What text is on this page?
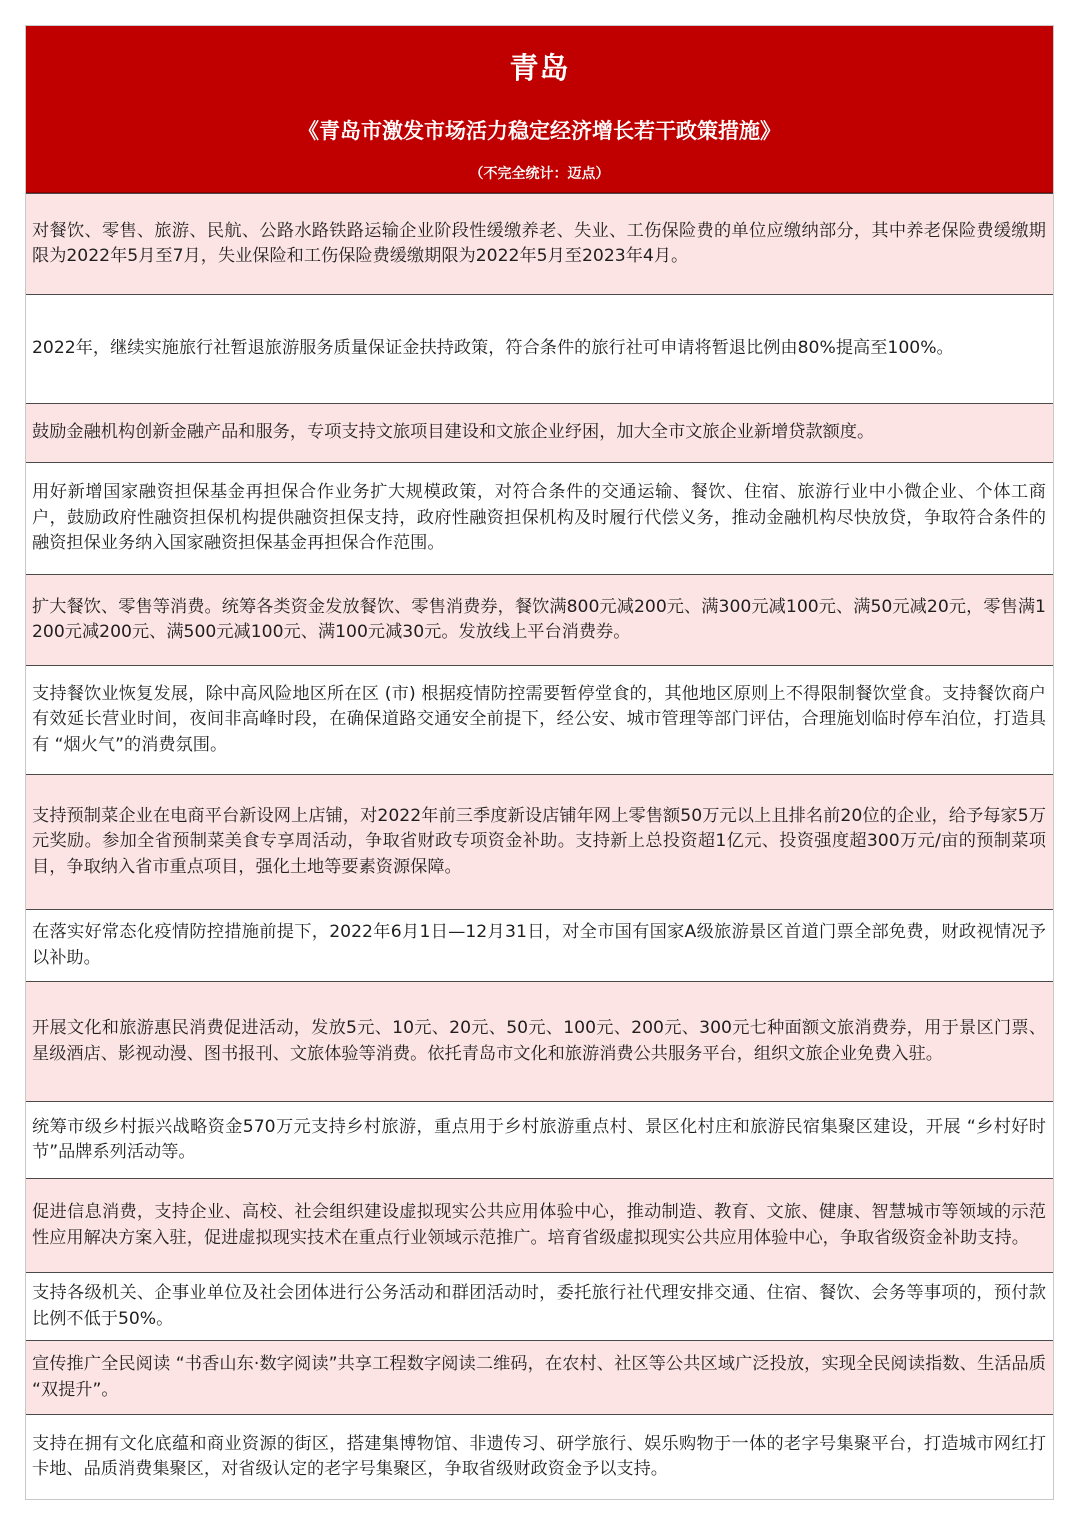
青岛
《青岛市激发市场活力稳定经济增长若干政策措施》
（不完全统计：迈点）
对餐饮、零售、旅游、民航、公路水路铁路运输企业阶段性缓缴养老、失业、工伤保险费的单位应缴纳部分，其中养老保险费缓缴期限为2022年5月至7月，失业保险和工伤保险费缓缴期限为2022年5月至2023年4月。
2022年，继续实施旅行社暂退旅游服务质量保证金扶持政策，符合条件的旅行社可申请将暂退比例由80%提高至100%。
鼓励金融机构创新金融产品和服务，专项支持文旅项目建设和文旅企业纾困，加大全市文旅企业新增贷款额度。
用好新增国家融资担保基金再担保合作业务扩大规模政策，对符合条件的交通运输、餐饮、住宿、旅游行业中小微企业、个体工商户，鼓励政府性融资担保机构提供融资担保支持，政府性融资担保机构及时履行代偿义务，推动金融机构尽快放贷，争取符合条件的融资担保业务纳入国家融资担保基金再担保合作范围。
扩大餐饮、零售等消费。统筹各类资金发放餐饮、零售消费券，餐饮满800元减200元、满300元减100元、满50元减20元，零售满1200元减200元、满500元减100元、满100元减30元。发放线上平台消费券。
支持餐饮业恢复发展，除中高风险地区所在区 (市) 根据疫情防控需要暂停堂食的，其他地区原则上不得限制餐饮堂食。支持餐饮商户有效延长营业时间，夜间非高峰时段，在确保道路交通安全前提下，经公安、城市管理等部门评估，合理施划临时停车泊位，打造具有 “烟火气”的消费氛围。
支持预制菜企业在电商平台新设网上店铺，对2022年前三季度新设店铺年网上零售额50万元以上且排名前20位的企业，给予每家5万元奖励。参加全省预制菜美食专享周活动，争取省财政专项资金补助。支持新上总投资超1亿元、投资强度超300万元/亩的预制菜项目，争取纳入省市重点项目，强化土地等要素资源保障。
在落实好常态化疫情防控措施前提下，2022年6月1日—12月31日，对全市国有国家A级旅游景区首道门票全部免费，财政视情况予以补助。
开展文化和旅游惠民消费促进活动，发放5元、10元、20元、50元、100元、200元、300元七种面额文旅消费券，用于景区门票、星级酒店、影视动漫、图书报刊、文旅体验等消费。依托青岛市文化和旅游消费公共服务平台，组织文旅企业免费入驻。
统筹市级乡村振兴战略资金570万元支持乡村旅游，重点用于乡村旅游重点村、景区化村庄和旅游民宿集聚区建设，开展 “乡村好时节”品牌系列活动等。
促进信息消费，支持企业、高校、社会组织建设虚拟现实公共应用体验中心，推动制造、教育、文旅、健康、智慧城市等领域的示范性应用解决方案入驻，促进虚拟现实技术在重点行业领域示范推广。培育省级虚拟现实公共应用体验中心，争取省级资金补助支持。
支持各级机关、企事业单位及社会团体进行公务活动和群团活动时，委托旅行社代理安排交通、住宿、餐饮、会务等事项的，预付款比例不低于50%。
宣传推广全民阅读 “书香山东·数字阅读”共享工程数字阅读二维码，在农村、社区等公共区域广泛投放，实现全民阅读指数、生活品质 “双提升”。
支持在拥有文化底蕴和商业资源的街区，搭建集博物馆、非遗传习、研学旅行、娱乐购物于一体的老字号集聚平台，打造城市网红打卡地、品质消费集聚区，对省级认定的老字号集聚区，争取省级财政资金予以支持。
